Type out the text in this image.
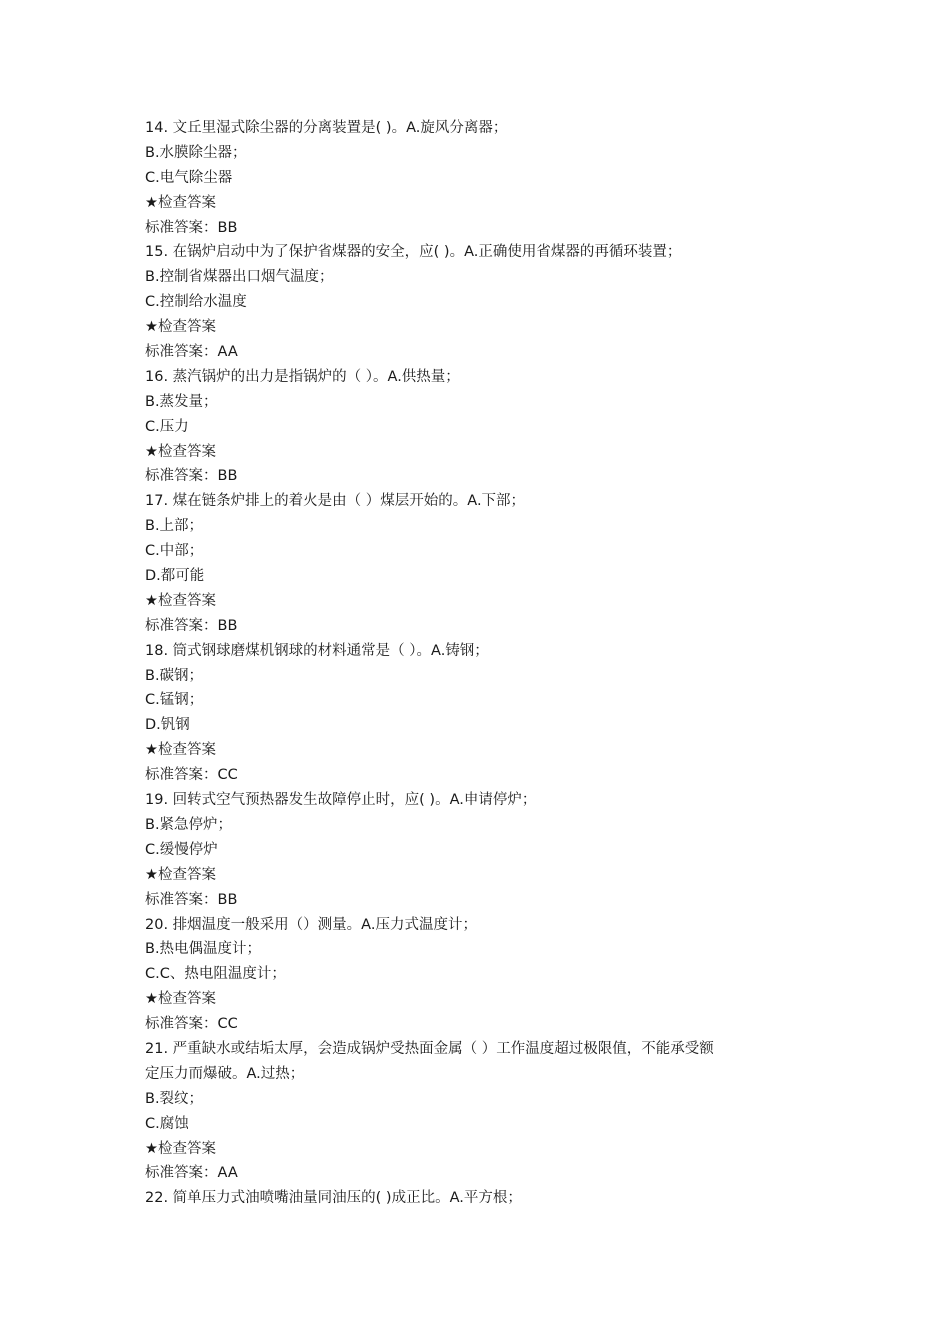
14. 文丘里湿式除尘器的分离装置是( )。A.旋风分离器；
B.水膜除尘器；
C.电气除尘器
★检查答案
标准答案：BB
15. 在锅炉启动中为了保护省煤器的安全，应( )。A.正确使用省煤器的再循环装置；
B.控制省煤器出口烟气温度；
C.控制给水温度
★检查答案
标准答案：AA
16. 蒸汽锅炉的出力是指锅炉的（ ）。A.供热量；
B.蒸发量；
C.压力
★检查答案
标准答案：BB
17. 煤在链条炉排上的着火是由（ ）煤层开始的。A.下部；
B.上部；
C.中部；
D.都可能
★检查答案
标准答案：BB
18. 筒式钢球磨煤机钢球的材料通常是（ ）。A.铸钢；
B.碳钢；
C.锰钢；
D.钒钢
★检查答案
标准答案：CC
19. 回转式空气预热器发生故障停止时，应( )。A.申请停炉；
B.紧急停炉；
C.缓慢停炉
★检查答案
标准答案：BB
20. 排烟温度一般采用（）测量。A.压力式温度计；
B.热电偶温度计；
C.C、热电阻温度计；
★检查答案
标准答案：CC
21. 严重缺水或结垢太厚，会造成锅炉受热面金属（ ）工作温度超过极限值，不能承受额
定压力而爆破。A.过热；
B.裂纹；
C.腐蚀
★检查答案
标准答案：AA
22. 简单压力式油喷嘴油量同油压的( )成正比。A.平方根；
